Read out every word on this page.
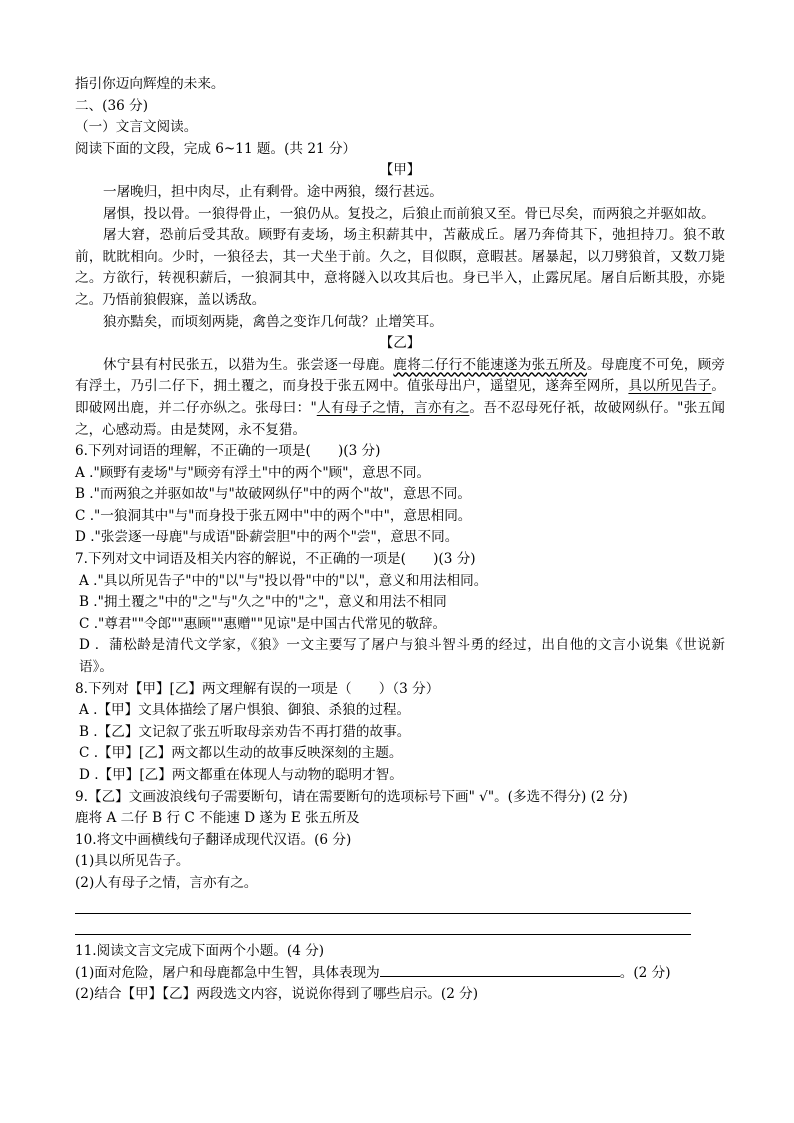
指引你迈向辉煌的未来。
二、(36 分)
（一）文言文阅读。
阅读下面的文段，完成 6~11 题。(共 21 分）
【甲】
一屠晚归，担中肉尽，止有剩骨。途中两狼，缀行甚远。
屠惧，投以骨。一狼得骨止，一狼仍从。复投之，后狼止而前狼又至。骨已尽矣，而两狼之并驱如故。
屠大窘，恐前后受其敌。顾野有麦场，场主积薪其中，苫蔽成丘。屠乃奔倚其下，弛担持刀。狼不敢前，眈眈相向。少时，一狼径去，其一犬坐于前。久之，目似瞑，意暇甚。屠暴起，以刀劈狼首，又数刀毙之。方欲行，转视积薪后，一狼洞其中，意将隧入以攻其后也。身已半入，止露尻尾。屠自后断其股，亦毙之。乃悟前狼假寐，盖以诱敌。
狼亦黠矣，而顷刻两毙，禽兽之变诈几何哉？止增笑耳。
【乙】
休宁县有村民张五，以猎为生。张尝逐一母鹿。鹿将二仔行不能速遂为张五所及。母鹿度不可免，顾旁有浮土，乃引二仔下，拥土覆之，而身投于张五网中。值张母出户，遥望见，遂奔至网所，具以所见告子。即破网出鹿，并二仔亦纵之。张母曰："人有母子之情，言亦有之。吾不忍母死仔祇，故破网纵仔。"张五闻之，心感动焉。由是焚网，永不复猎。
6.下列对词语的理解，不正确的一项是(　　)(3 分)
A ."顾野有麦场"与"顾旁有浮土"中的两个"顾"，意思不同。
B ."而两狼之并驱如故"与"故破网纵仔"中的两个"故"，意思不同。
C ."一狼洞其中"与"而身投于张五网中"中的两个"中"，意思相同。
D ."张尝逐一母鹿"与成语"卧薪尝胆"中的两个"尝"，意思不同。
7.下列对文中词语及相关内容的解说，不正确的一项是(　　)(3 分)
A ."具以所见告子"中的"以"与"投以骨"中的"以"，意义和用法相同。
B ."拥土覆之"中的"之"与"久之"中的"之"，意义和用法不相同
C ."尊君""令郎""惠顾""惠赠""见谅"是中国古代常见的敬辞。
D ．蒲松龄是清代文学家，《狼》一文主要写了屠户与狼斗智斗勇的经过，出自他的文言小说集《世说新语》。
8.下列对【甲】[乙】两文理解有误的一项是（　　）（3 分）
A .【甲】文具体描绘了屠户惧狼、御狼、杀狼的过程。
B .【乙】文记叙了张五听取母亲劝告不再打猎的故事。
C .【甲】[乙】两文都以生动的故事反映深刻的主题。
D .【甲】[乙】两文都重在体现人与动物的聪明才智。
9.【乙】文画波浪线句子需要断句，请在需要断句的选项标号下画" √"。(多选不得分) (2 分)
鹿将 A 二仔 B 行 C 不能速 D 遂为 E 张五所及
10.将文中画横线句子翻译成现代汉语。(6 分)
(1)具以所见告子。
(2)人有母子之情，言亦有之。
11.阅读文言文完成下面两个小题。(4 分)
(1)面对危险，屠户和母鹿都急中生智，具体表现为	。(2 分)
(2)结合【甲】【乙】两段选文内容，说说你得到了哪些启示。(2 分)
